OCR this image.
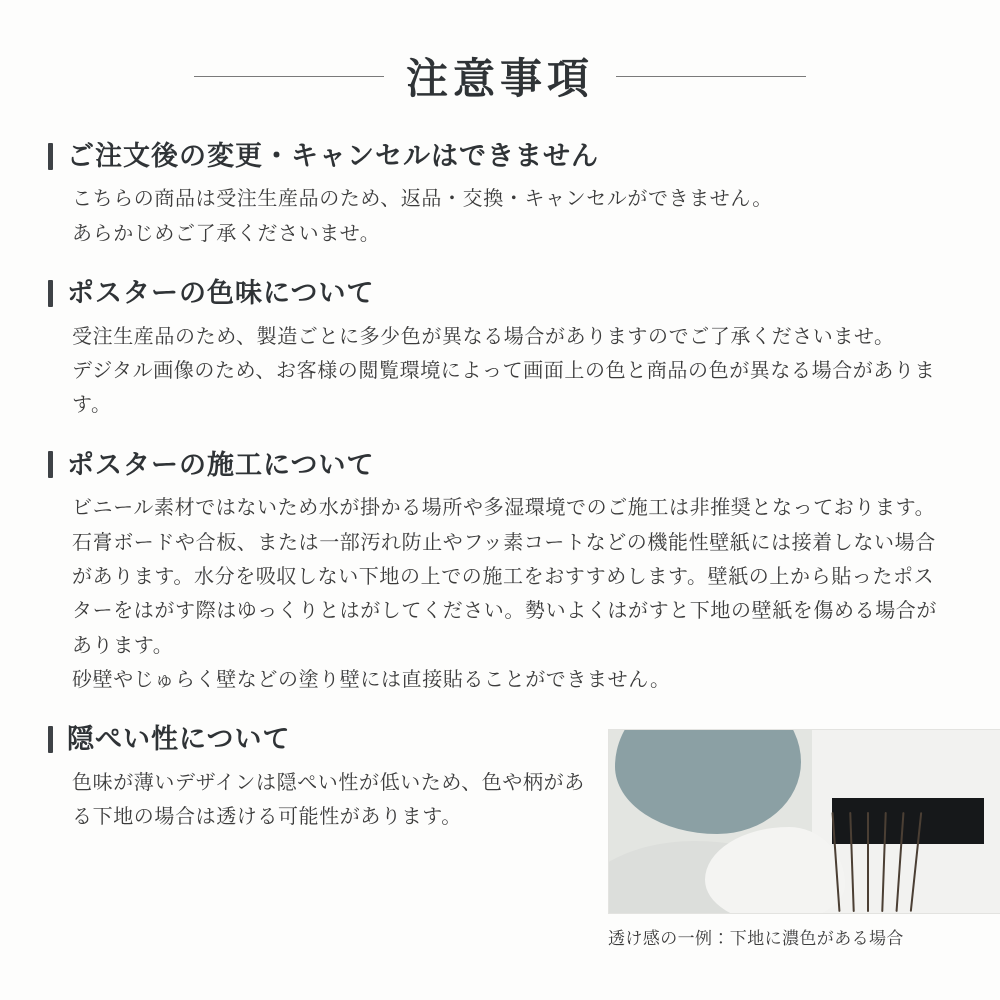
注意事項
ご注文後の変更・キャンセルはできません

こちらの商品は受注生産品のため、返品・交換・キャンセルができません。

あらかじめご了承くださいませ。

ポスターの色味について

受注生産品のため、製造ごとに多少色が異なる場合がありますのでご了承くださいませ。

デジタル画像のため、お客様の閲覧環境によって画面上の色と商品の色が異なる場合があります。

ポスターの施工について

ビニール素材ではないため水が掛かる場所や多湿環境でのご施工は非推奨となっております。石膏ボードや合板、または一部汚れ防止やフッ素コートなどの機能性壁紙には接着しない場合があります。水分を吸収しない下地の上での施工をおすすめします。壁紙の上から貼ったポスターをはがす際はゆっくりとはがしてください。勢いよくはがすと下地の壁紙を傷める場合があります。

砂壁やじゅらく壁などの塗り壁には直接貼ることができません。

隠ぺい性について

色味が薄いデザインは隠ぺい性が低いため、色や柄がある下地の場合は透ける可能性があります。

透け感の一例：下地に濃色がある場合
